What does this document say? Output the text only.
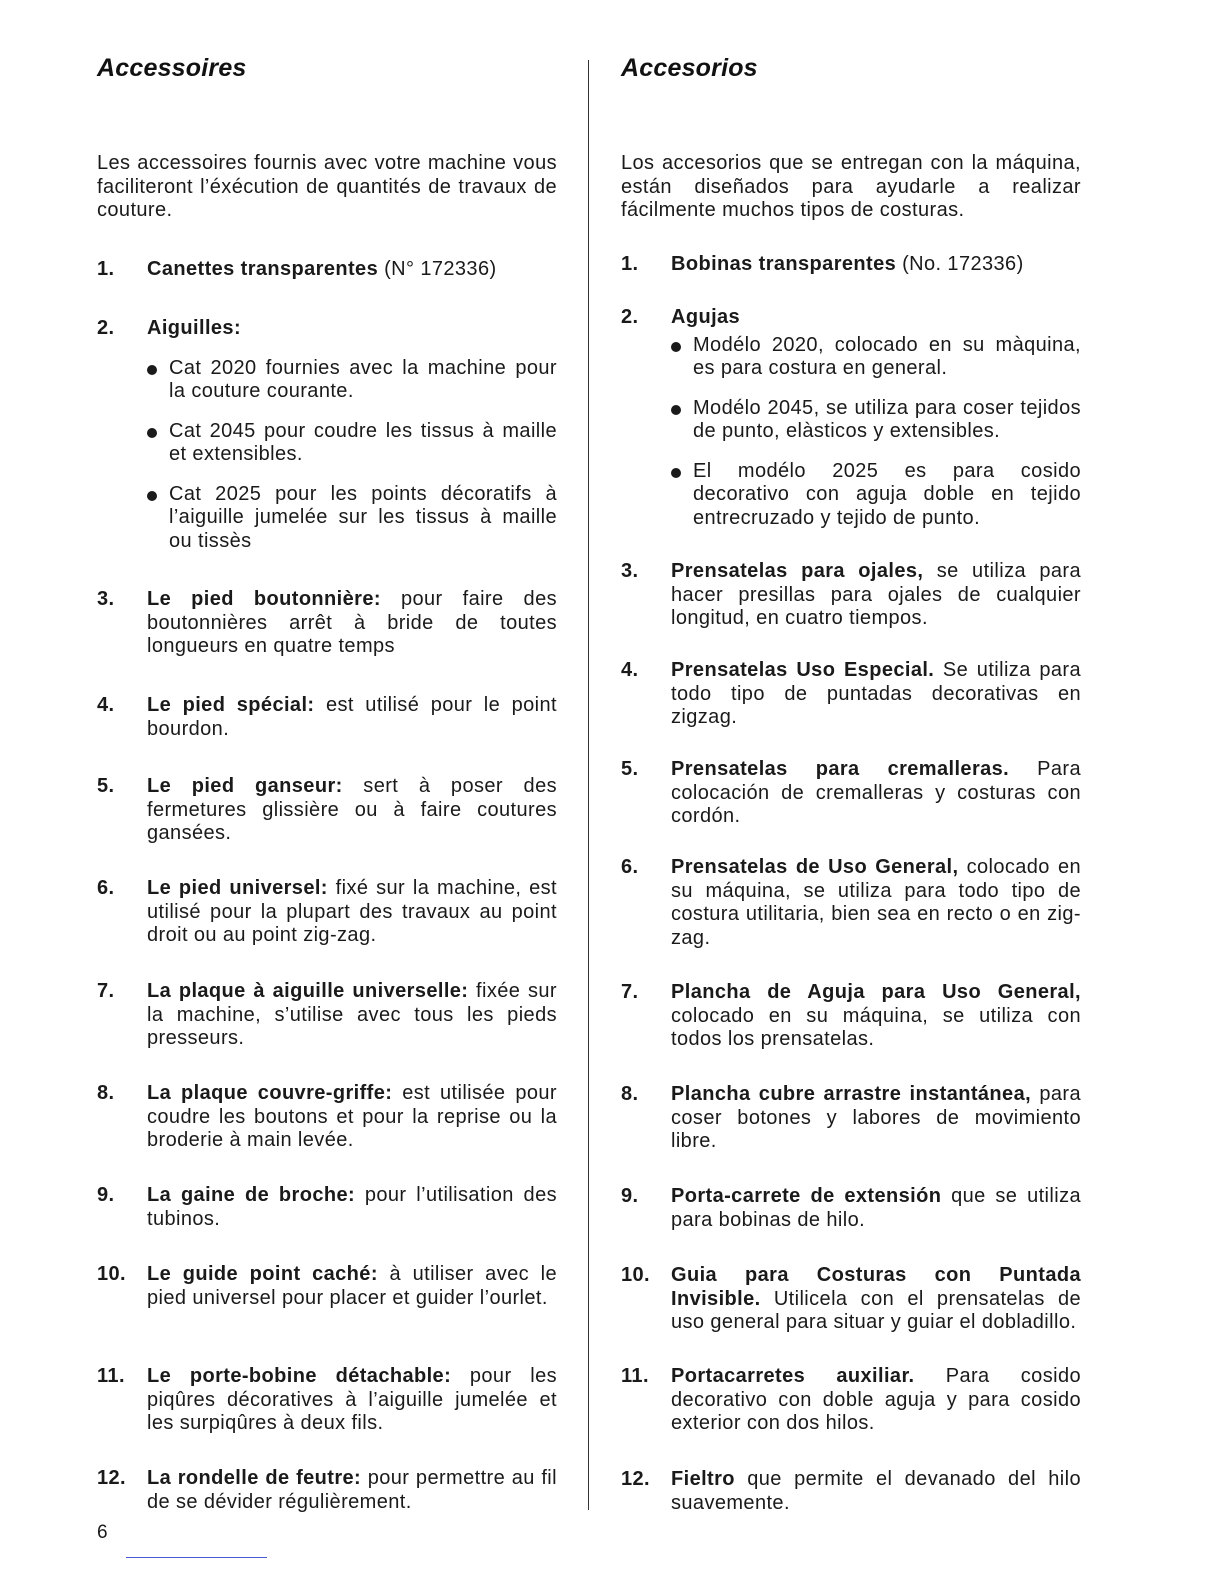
Accessoires

Les accessoires fournis avec votre machine vous faciliteront l’éxécution de quantités de travaux de couture.

1.	Canettes transparentes (N° 172336)
2.	Aiguilles:
Cat 2020 fournies avec la machine pour la couture courante.
Cat 2045 pour coudre les tissus à maille et extensibles.
Cat 2025 pour les points décoratifs à l’aiguille jumelée sur les tissus à maille ou tissès
3.	Le pied boutonnière: pour faire des boutonnières arrêt à bride de toutes longueurs en quatre temps
4.	Le pied spécial: est utilisé pour le point bourdon.
5.	Le pied ganseur: sert à poser des fermetures glissière ou à faire coutures gansées.
6.	Le pied universel: fixé sur la machine, est utilisé pour la plupart des travaux au point droit ou au point zig-zag.
7.	La plaque à aiguille universelle: fixée sur la machine, s’utilise avec tous les pieds presseurs.
8.	La plaque couvre-griffe: est utilisée pour coudre les boutons et pour la reprise ou la broderie à main levée.
9.	La gaine de broche: pour l’utilisation des tubinos.
10.	Le guide point caché: à utiliser avec le pied universel pour placer et guider l’ourlet.
11.	Le porte-bobine détachable: pour les piqûres décoratives à l’aiguille jumelée et les surpiqûres à deux fils.
12.	La rondelle de feutre: pour permettre au fil de se dévider régulièrement.
Accesorios

Los accesorios que se entregan con la máquina, están diseñados para ayudarle a realizar fácilmente muchos tipos de costuras.

1.	Bobinas transparentes (No. 172336)
2.	Agujas
Modélo 2020, colocado en su màquina, es para costura en general.
Modélo 2045, se utiliza para coser tejidos de punto, elàsticos y extensibles.
El modélo 2025 es para cosido decorativo con aguja doble en tejido entrecruzado y tejido de punto.
3.	Prensatelas para ojales, se utiliza para hacer presillas para ojales de cualquier longitud, en cuatro tiempos.
4.	Prensatelas Uso Especial. Se utiliza para todo tipo de puntadas decorativas en zigzag.
5.	Prensatelas para cremalleras. Para colocación de cremalleras y costuras con cordón.
6.	Prensatelas de Uso General, colocado en su máquina, se utiliza para todo tipo de costura utilitaria, bien sea en recto o en zig-zag.
7.	Plancha de Aguja para Uso General, colocado en su máquina, se utiliza con todos los prensatelas.
8.	Plancha cubre arrastre instantánea, para coser botones y labores de movimiento libre.
9.	Porta-carrete de extensión que se utiliza para bobinas de hilo.
10.	Guia para Costuras con Puntada Invisible. Utilicela con el prensatelas de uso general para situar y guiar el dobladillo.
11.	Portacarretes auxiliar. Para cosido decorativo con doble aguja y para cosido exterior con dos hilos.
12.	Fieltro que permite el devanado del hilo suavemente.
6
